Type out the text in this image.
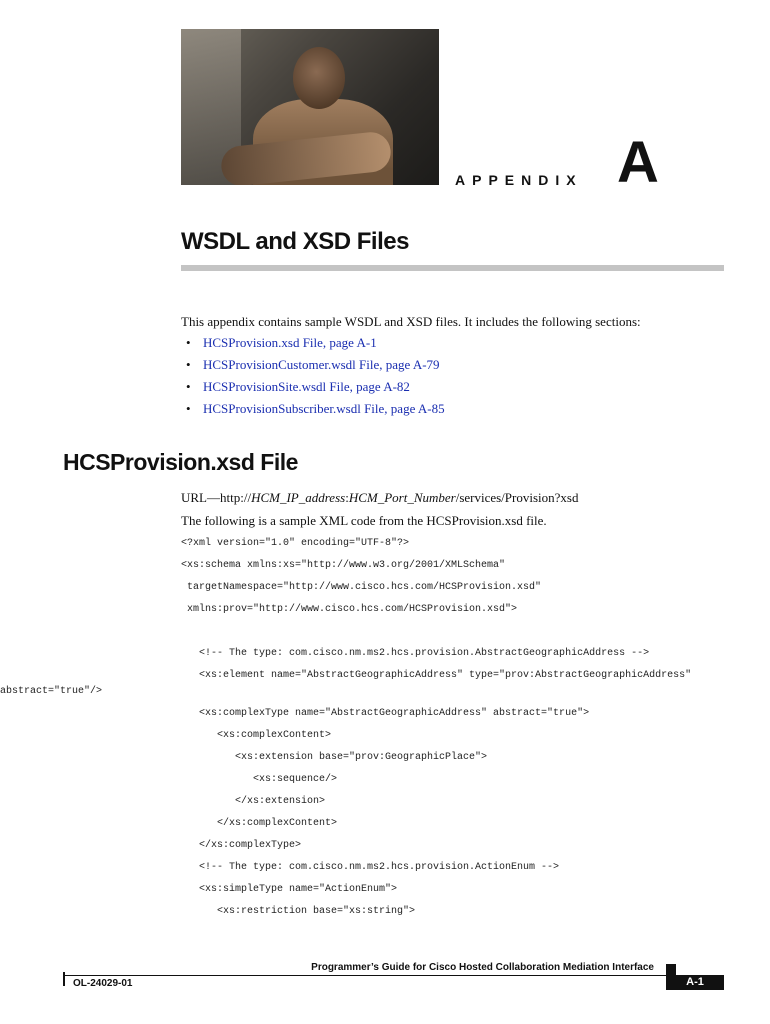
APPENDIX A
WSDL and XSD Files

This appendix contains sample WSDL and XSD files. It includes the following sections:

• HCSProvision.xsd File, page A-1
• HCSProvisionCustomer.wsdl File, page A-79
• HCSProvisionSite.wsdl File, page A-82
• HCSProvisionSubscriber.wsdl File, page A-85
HCSProvision.xsd File
URL—http://HCM_IP_address:HCM_Port_Number/services/Provision?xsd
The following is a sample XML code from the HCSProvision.xsd file.
<?xml version="1.0" encoding="UTF-8"?>
<xs:schema xmlns:xs="http://www.w3.org/2001/XMLSchema"
targetNamespace="http://www.cisco.hcs.com/HCSProvision.xsd"
xmlns:prov="http://www.cisco.hcs.com/HCSProvision.xsd">
<!-- The type: com.cisco.nm.ms2.hcs.provision.AbstractGeographicAddress -->
<xs:element name="AbstractGeographicAddress" type="prov:AbstractGeographicAddress"
abstract="true"/>
<xs:complexType name="AbstractGeographicAddress" abstract="true">
<xs:complexContent>
<xs:extension base="prov:GeographicPlace">
<xs:sequence/>
</xs:extension>
</xs:complexContent>
</xs:complexType>
<!-- The type: com.cisco.nm.ms2.hcs.provision.ActionEnum -->
<xs:simpleType name="ActionEnum">
<xs:restriction base="xs:string">
Programmer’s Guide for Cisco Hosted Collaboration Mediation Interface
OL-24029-01	A-1
